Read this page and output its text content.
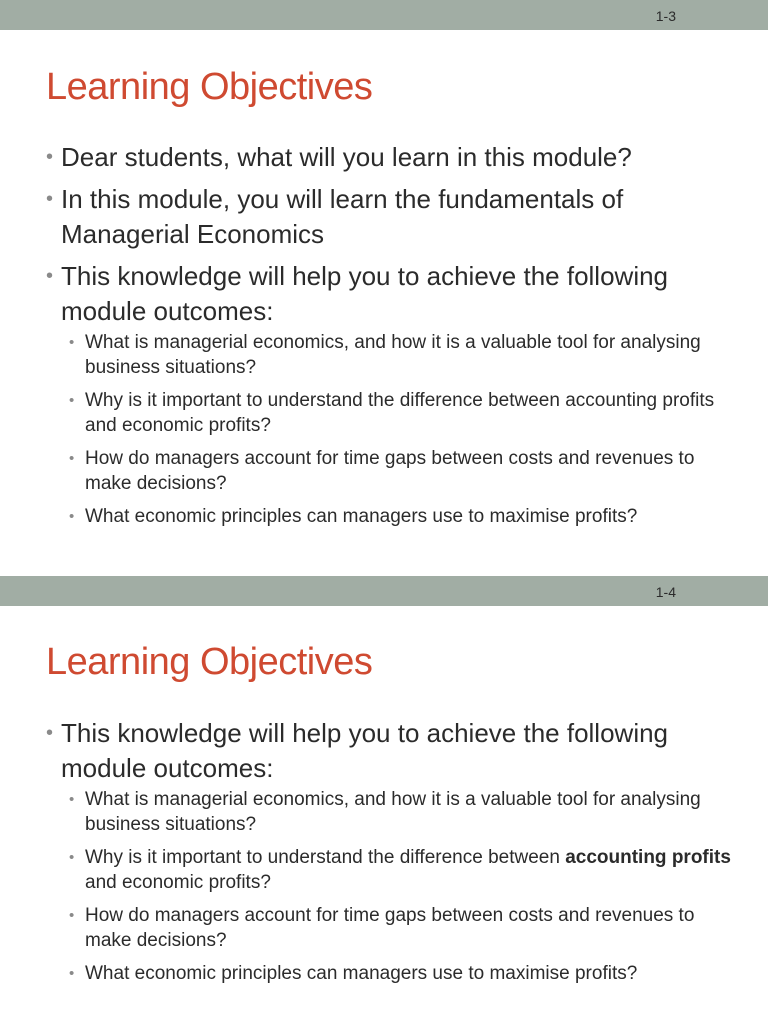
1-3
Learning Objectives
• Dear students, what will you learn in this module?
• In this module, you will learn the fundamentals of Managerial Economics
• This knowledge will help you to achieve the following module outcomes:
• What is managerial economics, and how it is a valuable tool for analysing business situations?
• Why is it important to understand the difference between accounting profits and economic profits?
• How do managers account for time gaps between costs and revenues to make decisions?
• What economic principles can managers use to maximise profits?
1-4
Learning Objectives
• This knowledge will help you to achieve the following module outcomes:
• What is managerial economics, and how it is a valuable tool for analysing business situations?
• Why is it important to understand the difference between accounting profits and economic profits?
• How do managers account for time gaps between costs and revenues to make decisions?
• What economic principles can managers use to maximise profits?
